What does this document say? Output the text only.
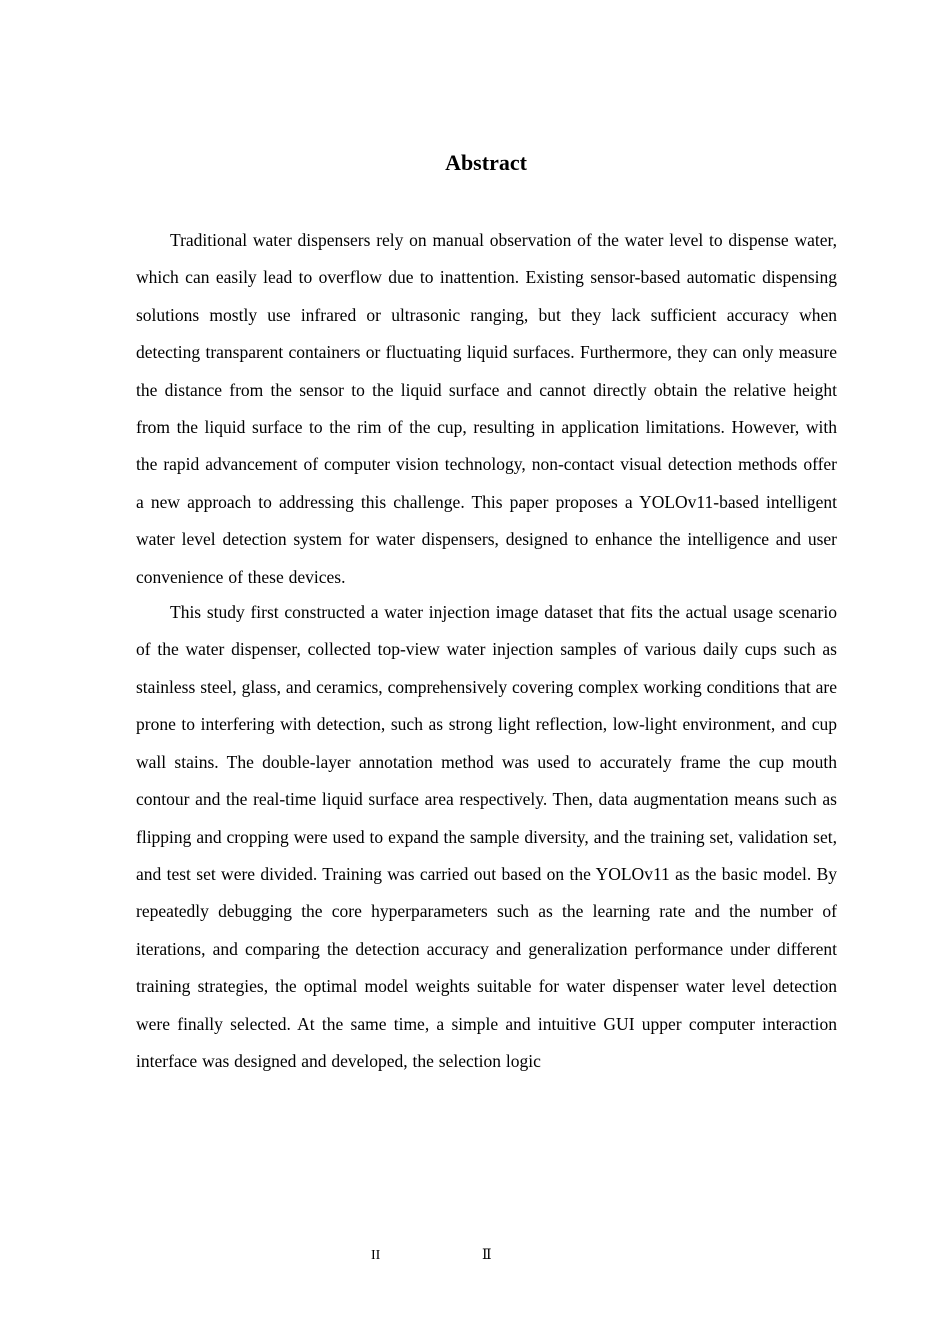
Abstract

Traditional water dispensers rely on manual observation of the water level to dispense water, which can easily lead to overflow due to inattention. Existing sensor-based automatic dispensing solutions mostly use infrared or ultrasonic ranging, but they lack sufficient accuracy when detecting transparent containers or fluctuating liquid surfaces. Furthermore, they can only measure the distance from the sensor to the liquid surface and cannot directly obtain the relative height from the liquid surface to the rim of the cup, resulting in application limitations. However, with the rapid advancement of computer vision technology, non-contact visual detection methods offer a new approach to addressing this challenge. This paper proposes a YOLOv11-based intelligent water level detection system for water dispensers, designed to enhance the intelligence and user convenience of these devices.

This study first constructed a water injection image dataset that fits the actual usage scenario of the water dispenser, collected top-view water injection samples of various daily cups such as stainless steel, glass, and ceramics, comprehensively covering complex working conditions that are prone to interfering with detection, such as strong light reflection, low-light environment, and cup wall stains. The double-layer annotation method was used to accurately frame the cup mouth contour and the real-time liquid surface area respectively. Then, data augmentation means such as flipping and cropping were used to expand the sample diversity, and the training set, validation set, and test set were divided. Training was carried out based on the YOLOv11 as the basic model. By repeatedly debugging the core hyperparameters such as the learning rate and the number of iterations, and comparing the detection accuracy and generalization performance under different training strategies, the optimal model weights suitable for water dispenser water level detection were finally selected. At the same time, a simple and intuitive GUI upper computer interaction interface was designed and developed, the selection logic

II	Ⅱ
